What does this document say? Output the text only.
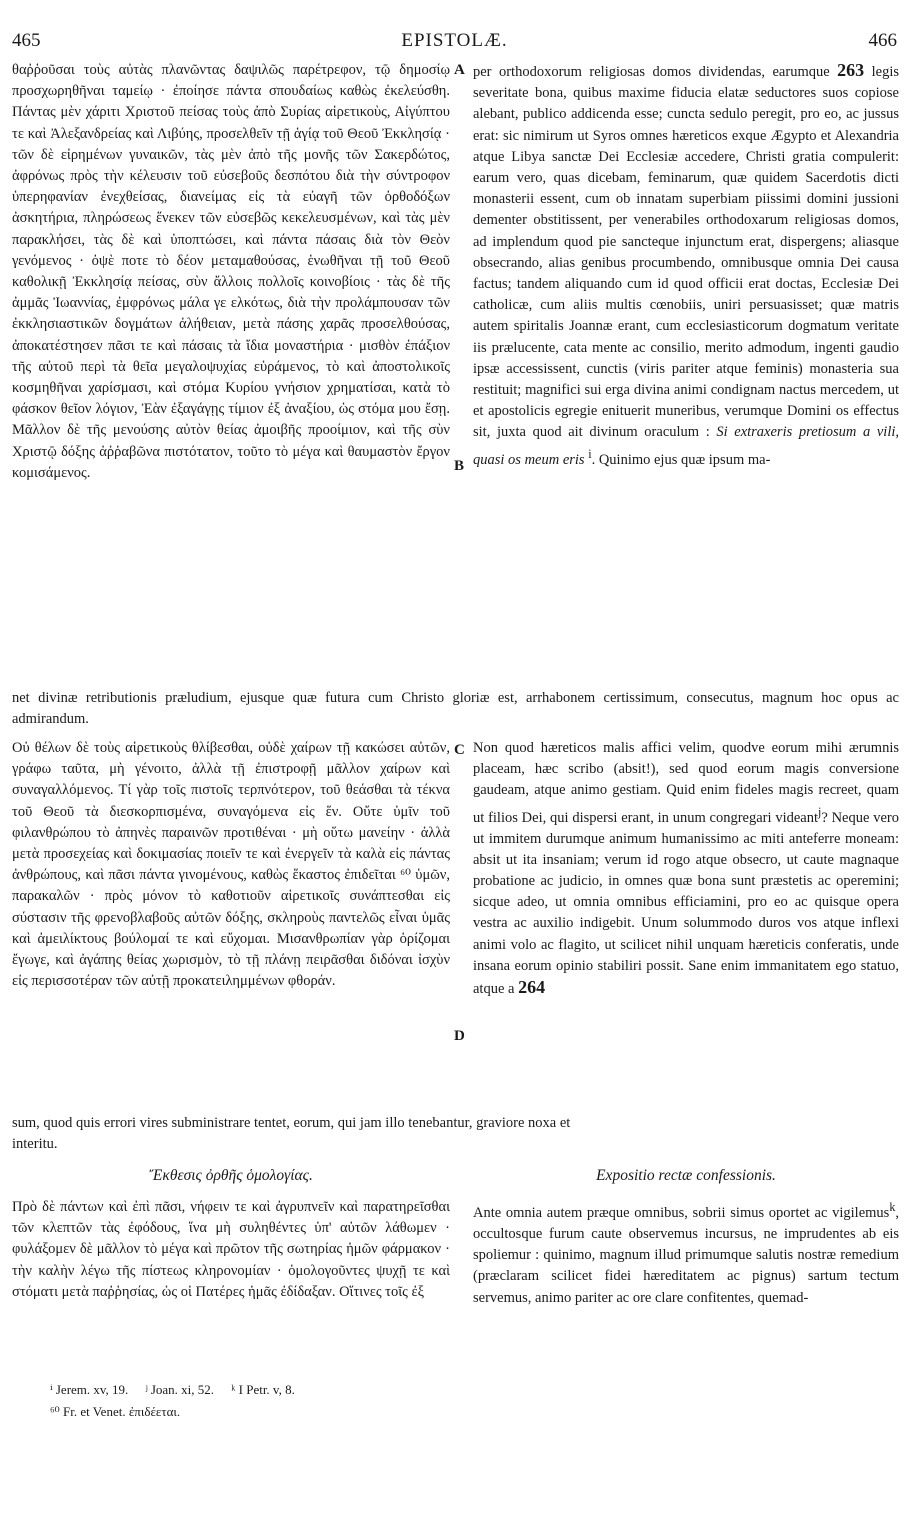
465	EPISTOLÆ.	466

θαῤῥοῦσαι τοὺς αὐτὰς πλανῶντας δαψιλῶς παρέτρεφον, τῷ δημοσίῳ προσχωρηθῆναι ταμείῳ · ἐποίησε πάντα σπουδαίως καθὼς ἐκελεύσθη. Πάντας μὲν χάριτι Χριστοῦ πείσας τοὺς ἀπὸ Συρίας αἱρετικοὺς, Αἰγύπτου τε καὶ Ἀλεξανδρείας καὶ Λιβύης, προσελθεῖν τῇ ἁγίᾳ τοῦ Θεοῦ Ἐκκλησίᾳ · τῶν δὲ εἰρημένων γυναικῶν, τὰς μὲν ἀπὸ τῆς μονῆς τῶν Σακερδώτος, ἀφρόνως πρὸς τὴν κέλευσιν τοῦ εὐσεβοῦς δεσπότου διὰ τὴν σύντροφον ὑπερηφανίαν ἐνεχθείσας, διανείμας εἰς τὰ εὐαγῆ τῶν ὀρθοδόξων ἀσκητήρια, πληρώσεως ἕνεκεν τῶν εὐσεβῶς κεκελευσμένων, καὶ τὰς μὲν παρακλήσει, τὰς δὲ καὶ ὑποπτώσει, καὶ πάντα πάσαις διὰ τὸν Θεὸν γενόμενος · ὀψὲ ποτε τὸ δέον μεταμαθούσας, ἑνωθῆναι τῇ τοῦ Θεοῦ καθολικῇ Ἐκκλησίᾳ πείσας, σὺν ἄλλοις πολλοῖς κοινοβίοις · τὰς δὲ τῆς ἀμμᾶς Ἰωαννίας, ἐμφρόνως μάλα γε ελκότως, διὰ τὴν προλάμπουσαν τῶν ἐκκλησιαστικῶν δογμάτων ἀλήθειαν, μετὰ πάσης χαρᾶς προσελθούσας, ἀποκατέστησεν πᾶσι τε καὶ πάσαις τὰ ἴδια μοναστήρια · μισθὸν ἐπάξιον τῆς αὐτοῦ περὶ τὰ θεῖα μεγαλοψυχίας εὑράμενος, τὸ καὶ ἀποστολικοῖς κοσμηθῆναι χαρίσμασι, καὶ στόμα Κυρίου γνήσιον χρηματίσαι, κατὰ τὸ φάσκον θεῖον λόγιον, Ἐὰν ἐξαγάγῃς τίμιον ἐξ ἀναξίου, ὡς στόμα μου ἔσῃ. Μᾶλλον δὲ τῆς μενούσης αὐτὸν θείας ἀμοιβῆς προοίμιον, καὶ τῆς σὺν Χριστῷ δόξης ἀῤῥαβῶνα πιστότατον, τοῦτο τὸ μέγα καὶ θαυμαστὸν ἔργον κομισάμενος.

A
B

per orthodoxorum religiosas domos dividendas, earumque 263 legis severitate bona, quibus maxime fiducia elatæ seductores suos copiose alebant, publico addicenda esse; cuncta sedulo peregit, pro eo, ac jussus erat: sic nimirum ut Syros omnes hæreticos exque Ægypto et Alexandria atque Libya sanctæ Dei Ecclesiæ accedere, Christi gratia compulerit: earum vero, quas dicebam, feminarum, quæ quidem Sacerdotis dicti monasterii essent, cum ob innatam superbiam piissimi domini jussioni dementer obstitissent, per venerabiles orthodoxarum religiosas domos, ad implendum quod pie sancteque injunctum erat, dispergens; aliasque obsecrando, alias genibus procumbendo, omnibusque omnia Dei causa factus; tandem aliquando cum id quod officii erat doctas, Ecclesiæ Dei catholicæ, cum aliis multis cœnobiis, uniri persuasisset; quæ matris autem spiritalis Joannæ erant, cum ecclesiasticorum dogmatum veritate iis prælucente, cata mente ac consilio, merito admodum, ingenti gaudio ipsæ accessissent, cunctis (viris pariter atque feminis) monasteria sua restituit; magnifici sui erga divina animi condignam nactus mercedem, ut et apostolicis egregie enituerit muneribus, verumque Domini os effectus sit, juxta quod ait divinum oraculum : Si extraxeris pretiosum a vili, quasi os meum eris $^i$. Quinimo ejus quæ ipsum ma-

net divinæ retributionis præludium, ejusque quæ futura cum Christo gloriæ est, arrhabonem certissimum, consecutus, magnum hoc opus ac admirandum.

Οὐ θέλων δὲ τοὺς αἱρετικοὺς θλίβεσθαι, οὐδὲ χαίρων τῇ κακώσει αὐτῶν, γράφω ταῦτα, μὴ γένοιτο, ἀλλὰ τῇ ἐπιστροφῇ μᾶλλον χαίρων καὶ συναγαλλόμενος. Τί γὰρ τοῖς πιστοῖς τερπνότερον, τοῦ θεάσθαι τὰ τέκνα τοῦ Θεοῦ τὰ διεσκορπισμένα, συναγόμενα εἰς ἕν. Οὔτε ὑμῖν τοῦ φιλανθρώπου τὸ ἀπηνὲς παραινῶν προτιθέναι · μὴ οὕτω μανείην · ἀλλὰ μετὰ προσεχείας καὶ δοκιμασίας ποιεῖν τε καὶ ἐνεργεῖν τὰ καλὰ εἰς πάντας ἀνθρώπους, καὶ πᾶσι πάντα γινομένους, καθὼς ἕκαστος ἐπιδεῖται ⁶⁰ ὑμῶν, παρακαλῶν · πρὸς μόνον τὸ καθοτιοῦν αἱρετικοῖς συνάπτεσθαι εἰς σύστασιν τῆς φρενοβλαβοῦς αὐτῶν δόξης, σκληροὺς παντελῶς εἶναι ὑμᾶς καὶ ἀμειλίκτους βούλομαί τε καὶ εὔχομαι. Μισανθρωπίαν γὰρ ὁρίζομαι ἔγωγε, καὶ ἀγάπης θείας χωρισμὸν, τὸ τῇ πλάνῃ πειρᾶσθαι διδόναι ἰσχὺν εἰς περισσοτέραν τῶν αὐτῇ προκατειλημμένων φθοράν.

C
D

Non quod hæreticos malis affici velim, quodve eorum mihi ærumnis placeam, hæc scribo (absit!), sed quod eorum magis conversione gaudeam, atque animo gestiam. Quid enim fideles magis recreet, quam ut filios Dei, qui dispersi erant, in unum congregari videant$^j$? Neque vero ut immitem durumque animum humanissimo ac miti anteferre moneam: absit ut ita insaniam; verum id rogo atque obsecro, ut caute magnaque probatione ac judicio, in omnes quæ bona sunt præstetis ac operemini; sicque adeo, ut omnia omnibus efficiamini, pro eo ac quisque opera vestra ac auxilio indigebit. Unum solummodo duros vos atque inflexi animi volo ac flagito, ut scilicet nihil unquam hæreticis conferatis, unde insana eorum opinio stabiliri possit. Sane enim immanitatem ego statuo, atque a 264

sum, quod quis errori vires subministrare tentet, eorum, qui jam illo tenebantur, graviore noxa et
interitu.
Ἔκθεσις ὀρθῆς ὁμολογίας.	Expositio rectæ confessionis.

Πρὸ δὲ πάντων καὶ ἐπὶ πᾶσι, νήφειν τε καὶ ἀγρυπνεῖν καὶ παρατηρεῖσθαι τῶν κλεπτῶν τὰς ἐφόδους, ἵνα μὴ συληθέντες ὑπ' αὐτῶν λάθωμεν · φυλάξομεν δὲ μᾶλλον τὸ μέγα καὶ πρῶτον τῆς σωτηρίας ἡμῶν φάρμακον · τὴν καλὴν λέγω τῆς πίστεως κληρονομίαν · ὁμολογοῦντες ψυχῇ τε καὶ στόματι μετὰ παῤῥησίας, ὡς οἱ Πατέρες ἡμᾶς ἐδίδαξαν. Οἵτινες τοῖς ἐξ

Ante omnia autem præque omnibus, sobrii simus oportet ac vigilemus$^k$, occultosque furum caute observemus incursus, ne imprudentes ab eis spoliemur : quinimo, magnum illud primumque salutis nostræ remedium (præclaram scilicet fidei hæreditatem ac pignus) sartum tectum servemus, animo pariter ac ore clare confitentes, quemad-

ⁱ Jerem. xv, 19. ʲ Joan. xi, 52. ᵏ I Petr. v, 8.
⁶⁰ Fr. et Venet. ἐπιδέεται.
